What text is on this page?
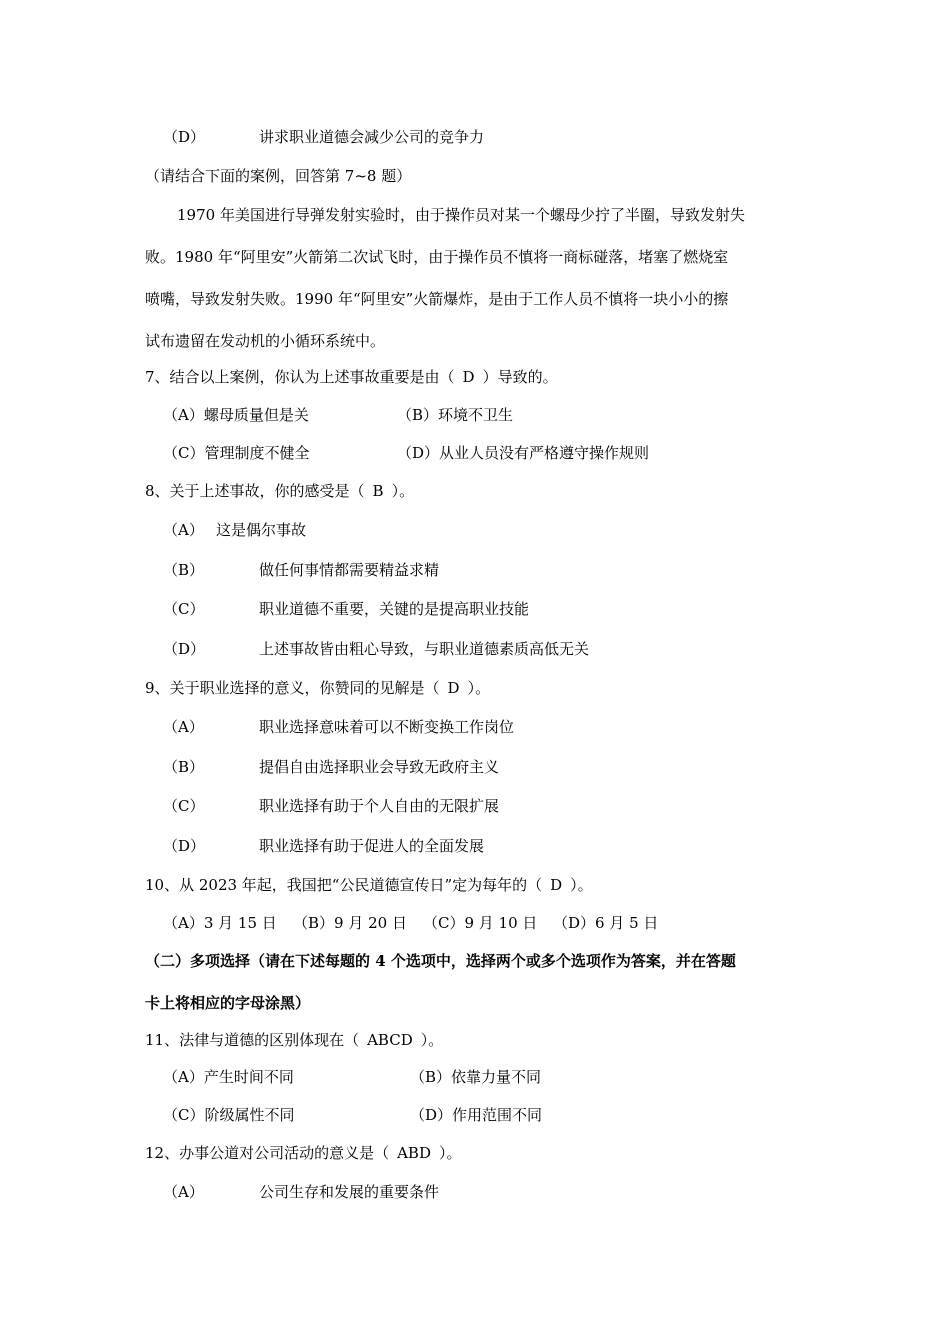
（D）	讲求职业道德会减少公司的竞争力
（请结合下面的案例，回答第 7~8 题）
1970 年美国进行导弹发射实验时，由于操作员对某一个螺母少拧了半圈，导致发射失
败。1980 年“阿里安”火箭第二次试飞时，由于操作员不慎将一商标碰落，堵塞了燃烧室
喷嘴，导致发射失败。1990 年“阿里安”火箭爆炸，是由于工作人员不慎将一块小小的擦
试布遗留在发动机的小循环系统中。
7、结合以上案例，你认为上述事故重要是由（ D ）导致的。
（A）螺母质量但是关	（B）环境不卫生
（C）管理制度不健全	（D）从业人员没有严格遵守操作规则
8、关于上述事故，你的感受是（ B ）。
（A） 这是偶尔事故
（B）	做任何事情都需要精益求精
（C）	职业道德不重要，关键的是提高职业技能
（D）	上述事故皆由粗心导致，与职业道德素质高低无关
9、关于职业选择的意义，你赞同的见解是（ D ）。
（A）	职业选择意味着可以不断变换工作岗位
（B）	提倡自由选择职业会导致无政府主义
（C）	职业选择有助于个人自由的无限扩展
（D）	职业选择有助于促进人的全面发展
10、从 2023 年起，我国把“公民道德宣传日”定为每年的（ D ）。
（A）3 月 15 日 （B）9 月 20 日 （C）9 月 10 日 （D）6 月 5 日
（二）多项选择（请在下述每题的 4 个选项中，选择两个或多个选项作为答案，并在答题
卡上将相应的字母涂黑）
11、法律与道德的区别体现在（ ABCD ）。
（A）产生时间不同	（B）依靠力量不同
（C）阶级属性不同	（D）作用范围不同
12、办事公道对公司活动的意义是（ ABD ）。
（A）	公司生存和发展的重要条件
